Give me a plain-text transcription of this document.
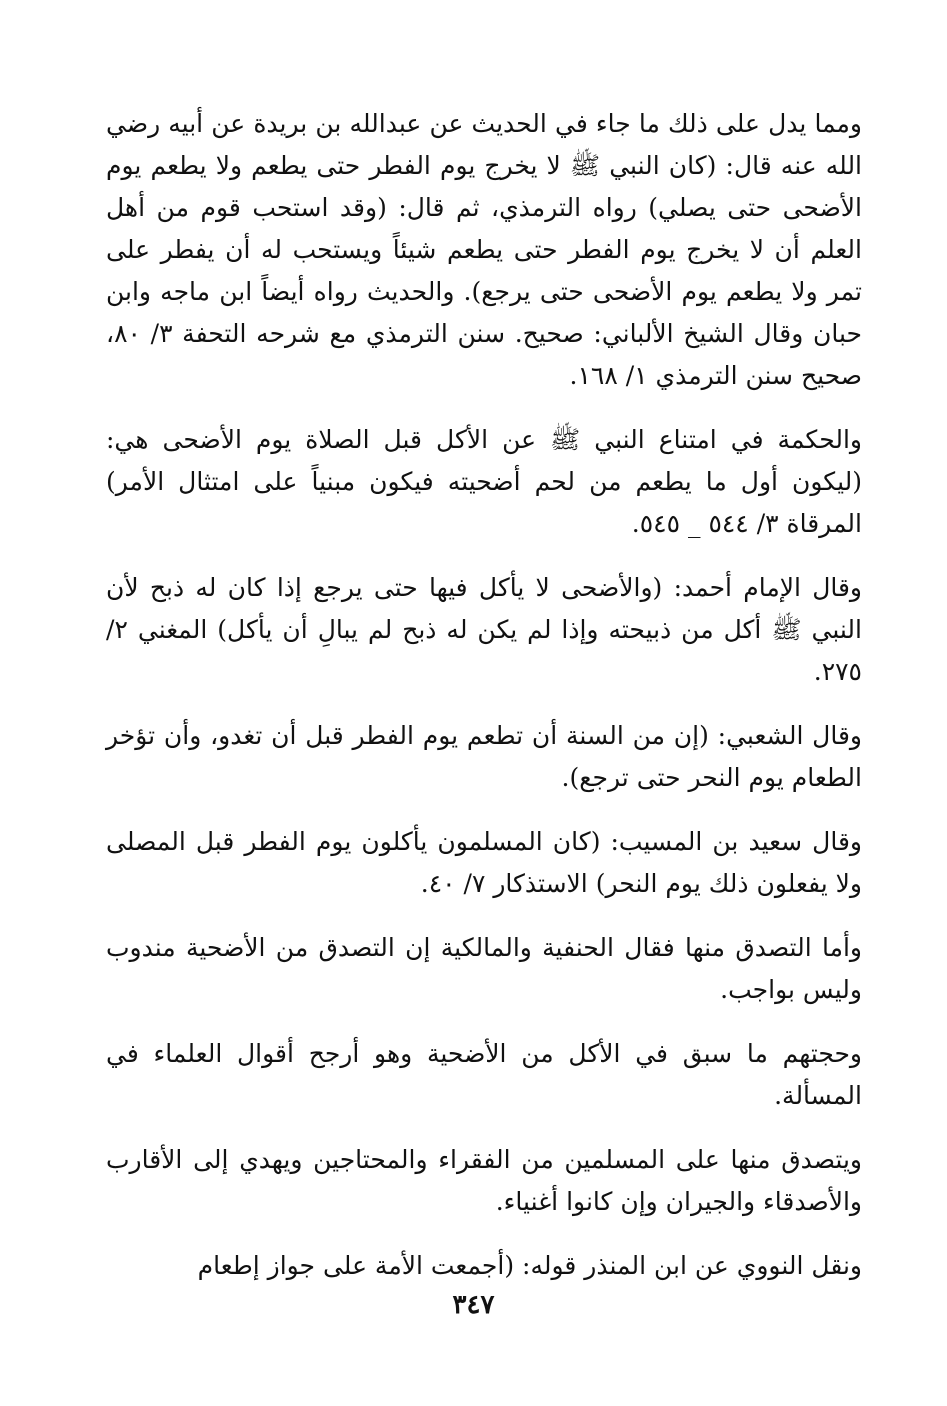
ومما يدل على ذلك ما جاء في الحديث عن عبدالله بن بريدة عن أبيه رضي الله عنه قال: (كان النبي ﷺ لا يخرج يوم الفطر حتى يطعم ولا يطعم يوم الأضحى حتى يصلي) رواه الترمذي، ثم قال: (وقد استحب قوم من أهل العلم أن لا يخرج يوم الفطر حتى يطعم شيئاً ويستحب له أن يفطر على تمر ولا يطعم يوم الأضحى حتى يرجع). والحديث رواه أيضاً ابن ماجه وابن حبان وقال الشيخ الألباني: صحيح. سنن الترمذي مع شرحه التحفة ٣/ ٨٠، صحيح سنن الترمذي ١/ ١٦٨.

والحكمة في امتناع النبي ﷺ عن الأكل قبل الصلاة يوم الأضحى هي: (ليكون أول ما يطعم من لحم أضحيته فيكون مبنياً على امتثال الأمر) المرقاة ٣/ ٥٤٤ _ ٥٤٥.

وقال الإمام أحمد: (والأضحى لا يأكل فيها حتى يرجع إذا كان له ذبح لأن النبي ﷺ أكل من ذبيحته وإذا لم يكن له ذبح لم يبالِ أن يأكل) المغني ٢/ ٢٧٥.

وقال الشعبي: (إن من السنة أن تطعم يوم الفطر قبل أن تغدو، وأن تؤخر الطعام يوم النحر حتى ترجع).

وقال سعيد بن المسيب: (كان المسلمون يأكلون يوم الفطر قبل المصلى ولا يفعلون ذلك يوم النحر) الاستذكار ٧/ ٤٠.

وأما التصدق منها فقال الحنفية والمالكية إن التصدق من الأضحية مندوب وليس بواجب.

وحجتهم ما سبق في الأكل من الأضحية وهو أرجح أقوال العلماء في المسألة.

ويتصدق منها على المسلمين من الفقراء والمحتاجين ويهدي إلى الأقارب والأصدقاء والجيران وإن كانوا أغنياء.

ونقل النووي عن ابن المنذر قوله: (أجمعت الأمة على جواز إطعام

٣٤٧
